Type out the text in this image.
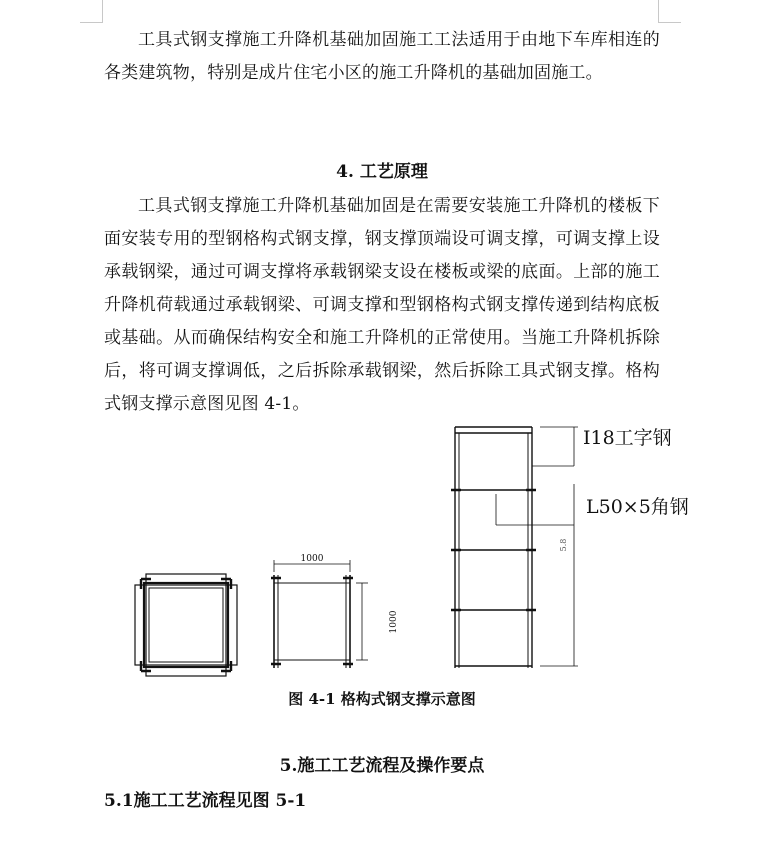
工具式钢支撑施工升降机基础加固施工工法适用于由地下车库相连的各类建筑物，特别是成片住宅小区的施工升降机的基础加固施工。

4. 工艺原理

工具式钢支撑施工升降机基础加固是在需要安装施工升降机的楼板下面安装专用的型钢格构式钢支撑，钢支撑顶端设可调支撑，可调支撑上设承载钢梁，通过可调支撑将承载钢梁支设在楼板或梁的底面。上部的施工升降机荷载通过承载钢梁、可调支撑和型钢格构式钢支撑传递到结构底板或基础。从而确保结构安全和施工升降机的正常使用。当施工升降机拆除后，将可调支撑调低，之后拆除承载钢梁，然后拆除工具式钢支撑。格构式钢支撑示意图见图 4-1。

1000
1000
5.8
I18工字钢
L50×5角钢

图 4-1 格构式钢支撑示意图

5.施工工艺流程及操作要点

5.1施工工艺流程见图 5-1
